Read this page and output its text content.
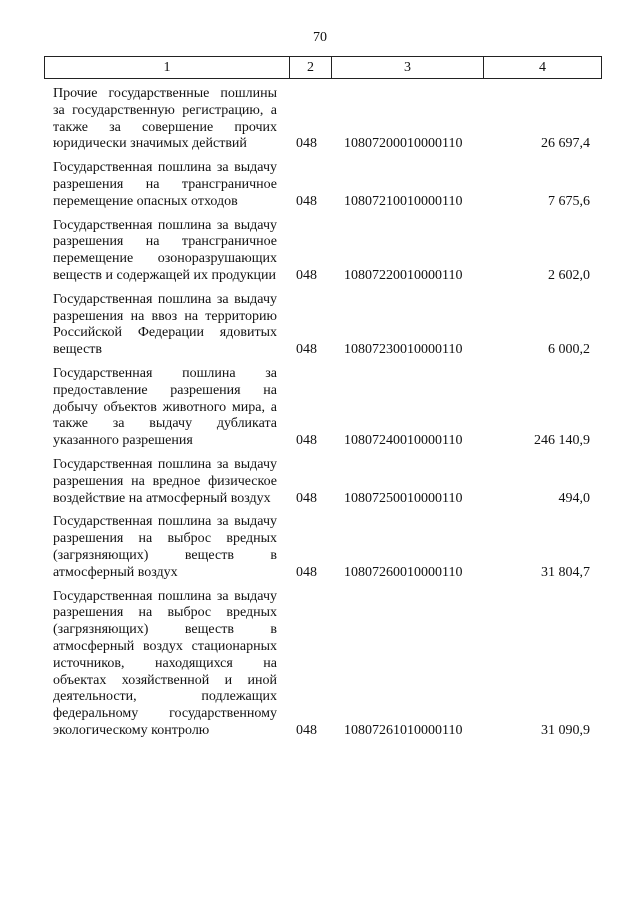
70
1	2	3	4
Прочие государственные пошлины за государственную регистрацию, а также за совершение прочих юридически значимых действий	048	10807200010000110	26 697,4
Государственная пошлина за выдачу разрешения на трансграничное перемещение опасных отходов	048	10807210010000110	7 675,6
Государственная пошлина за выдачу разрешения на трансграничное перемещение озоноразрушающих веществ и содержащей их продукции 048	10807220010000110	2 602,0
Государственная пошлина за выдачу разрешения на ввоз на территорию Российской Федерации ядовитых веществ	048	10807230010000110	6 000,2
Государственная пошлина за предоставление разрешения на добычу объектов животного мира, а также за выдачу дубликата указанного разрешения	048	10807240010000110	246 140,9
Государственная пошлина за выдачу разрешения на вредное физическое воздействие на атмосферный воздух	048	10807250010000110	494,0
Государственная пошлина за выдачу разрешения на выброс вредных (загрязняющих) веществ в атмосферный воздух	048	10807260010000110	31 804,7
Государственная пошлина за выдачу разрешения на выброс вредных (загрязняющих) веществ в атмосферный воздух стационарных источников, находящихся на объектах хозяйственной и иной деятельности, подлежащих федеральному государственному экологическому контролю	048	10807261010000110	31 090,9
